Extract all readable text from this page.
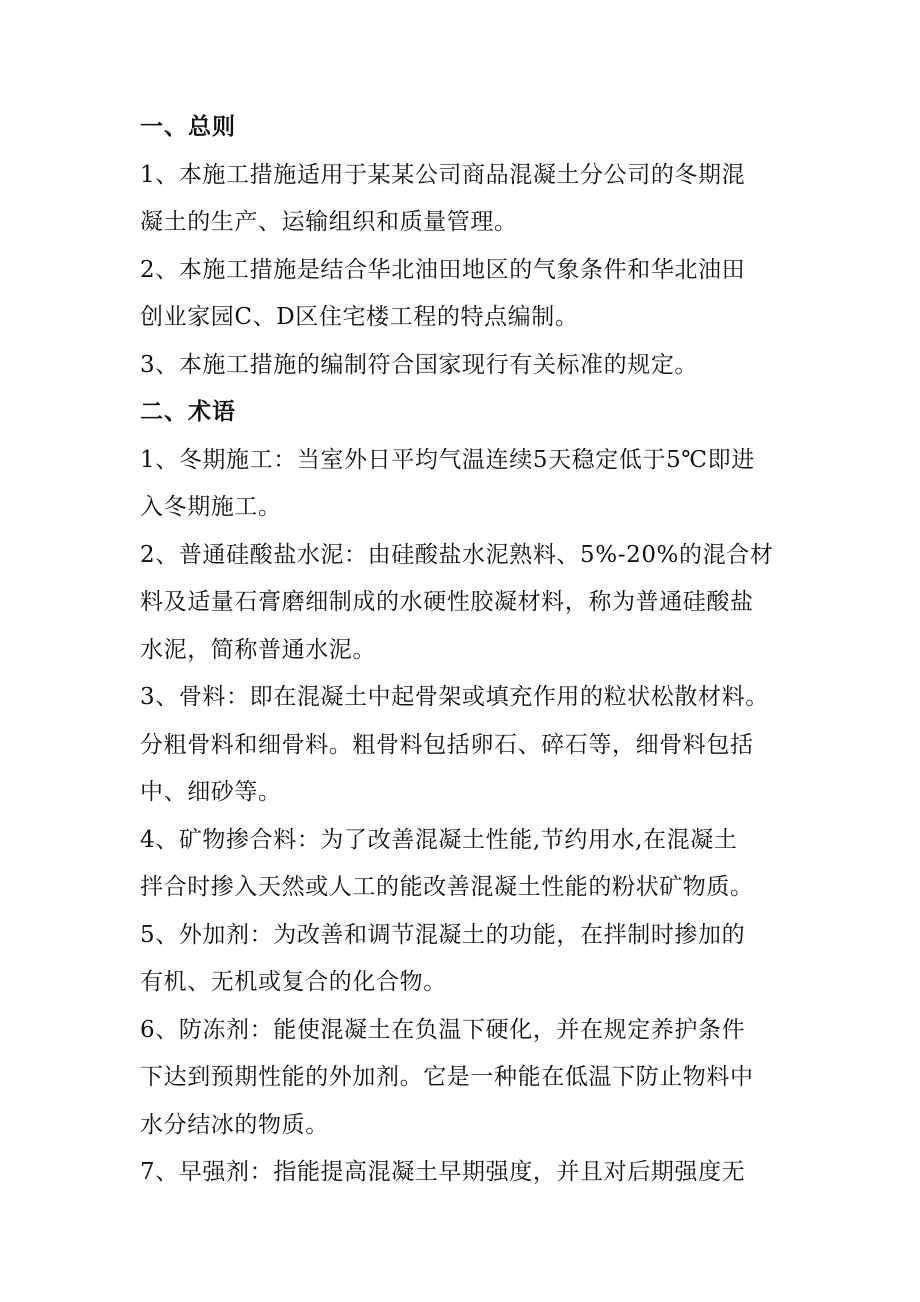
一、总则

1、本施工措施适用于某某公司商品混凝土分公司的冬期混
凝土的生产、运输组织和质量管理。

2、本施工措施是结合华北油田地区的气象条件和华北油田
创业家园C、D区住宅楼工程的特点编制。

3、本施工措施的编制符合国家现行有关标准的规定。

二、术语

1、冬期施工：当室外日平均气温连续5天稳定低于5℃即进
入冬期施工。

2、普通硅酸盐水泥：由硅酸盐水泥熟料、5%-20%的混合材
料及适量石膏磨细制成的水硬性胶凝材料，称为普通硅酸盐
水泥，简称普通水泥。

3、骨料：即在混凝土中起骨架或填充作用的粒状松散材料。
分粗骨料和细骨料。粗骨料包括卵石、碎石等，细骨料包括
中、细砂等。

4、矿物掺合料：为了改善混凝土性能,节约用水,在混凝土
拌合时掺入天然或人工的能改善混凝土性能的粉状矿物质。

5、外加剂：为改善和调节混凝土的功能，在拌制时掺加的
有机、无机或复合的化合物。

6、防冻剂：能使混凝土在负温下硬化，并在规定养护条件
下达到预期性能的外加剂。它是一种能在低温下防止物料中
水分结冰的物质。

7、早强剂：指能提高混凝土早期强度，并且对后期强度无
